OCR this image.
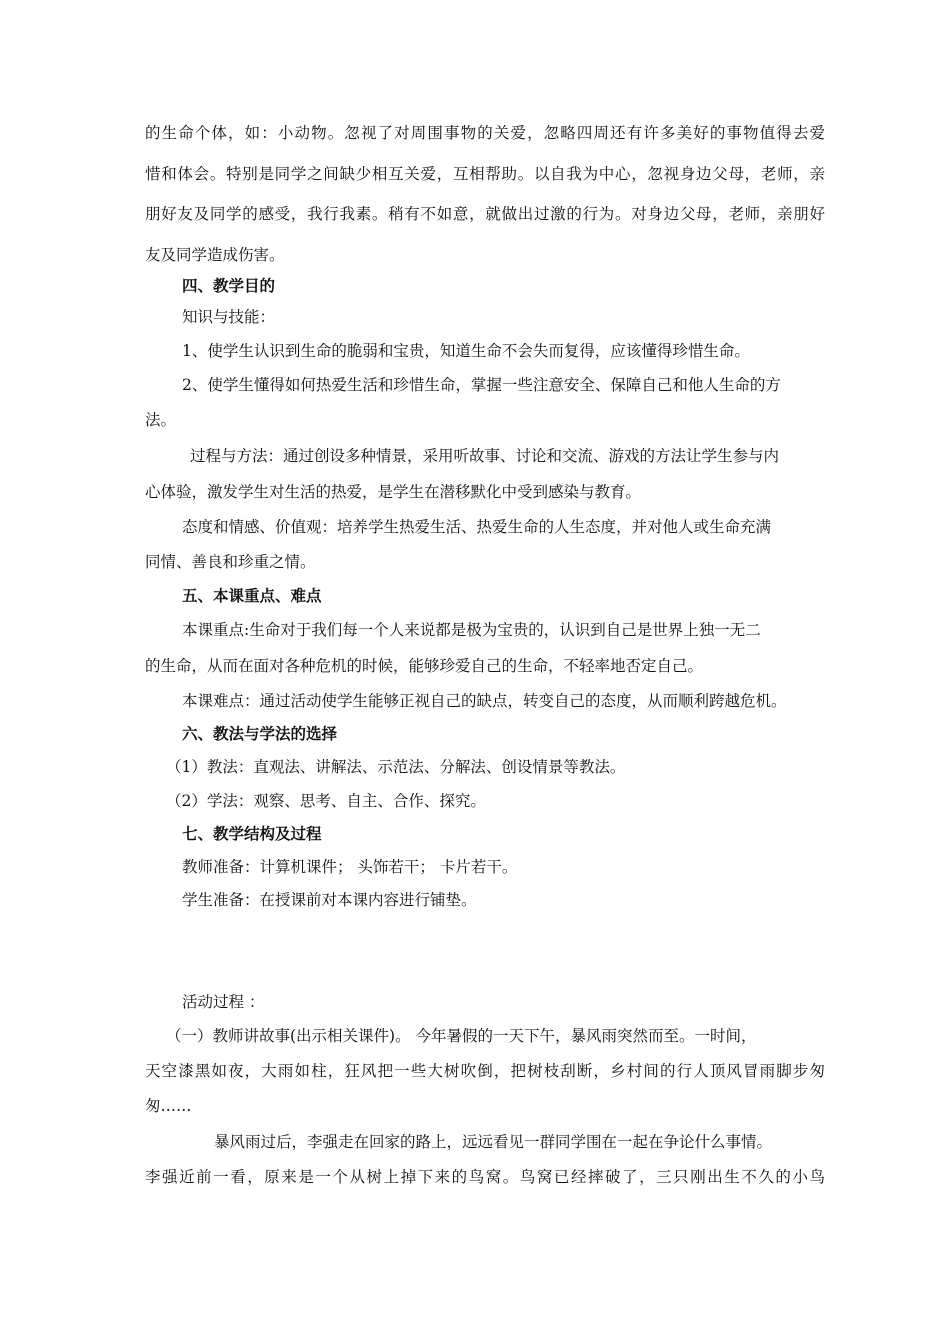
的生命个体，如：小动物。忽视了对周围事物的关爱，忽略四周还有许多美好的事物值得去爱
惜和体会。特别是同学之间缺少相互关爱，互相帮助。以自我为中心，忽视身边父母，老师，亲
朋好友及同学的感受，我行我素。稍有不如意，就做出过激的行为。对身边父母，老师，亲朋好
友及同学造成伤害。
四、教学目的
知识与技能：
1、使学生认识到生命的脆弱和宝贵，知道生命不会失而复得，应该懂得珍惜生命。
2、使学生懂得如何热爱生活和珍惜生命，掌握一些注意安全、保障自己和他人生命的方
法。
过程与方法：通过创设多种情景，采用听故事、讨论和交流、游戏的方法让学生参与内
心体验，激发学生对生活的热爱，是学生在潜移默化中受到感染与教育。
态度和情感、价值观：培养学生热爱生活、热爱生命的人生态度，并对他人或生命充满
同情、善良和珍重之情。
五、本课重点、难点
本课重点:生命对于我们每一个人来说都是极为宝贵的，认识到自己是世界上独一无二
的生命，从而在面对各种危机的时候，能够珍爱自己的生命，不轻率地否定自己。
本课难点：通过活动使学生能够正视自己的缺点，转变自己的态度，从而顺利跨越危机。
六、教法与学法的选择
（1）教法：直观法、讲解法、示范法、分解法、创设情景等教法。
（2）学法：观察、思考、自主、合作、探究。
七、教学结构及过程
教师准备：计算机课件； 头饰若干； 卡片若干。
学生准备：在授课前对本课内容进行铺垫。
活动过程 ：
（一）教师讲故事(出示相关课件)。 今年暑假的一天下午，暴风雨突然而至。一时间，
天空漆黑如夜，大雨如柱，狂风把一些大树吹倒，把树枝刮断，乡村间的行人顶风冒雨脚步匆
匆……
暴风雨过后，李强走在回家的路上，远远看见一群同学围在一起在争论什么事情。
李强近前一看，原来是一个从树上掉下来的鸟窝。鸟窝已经摔破了，三只刚出生不久的小鸟
